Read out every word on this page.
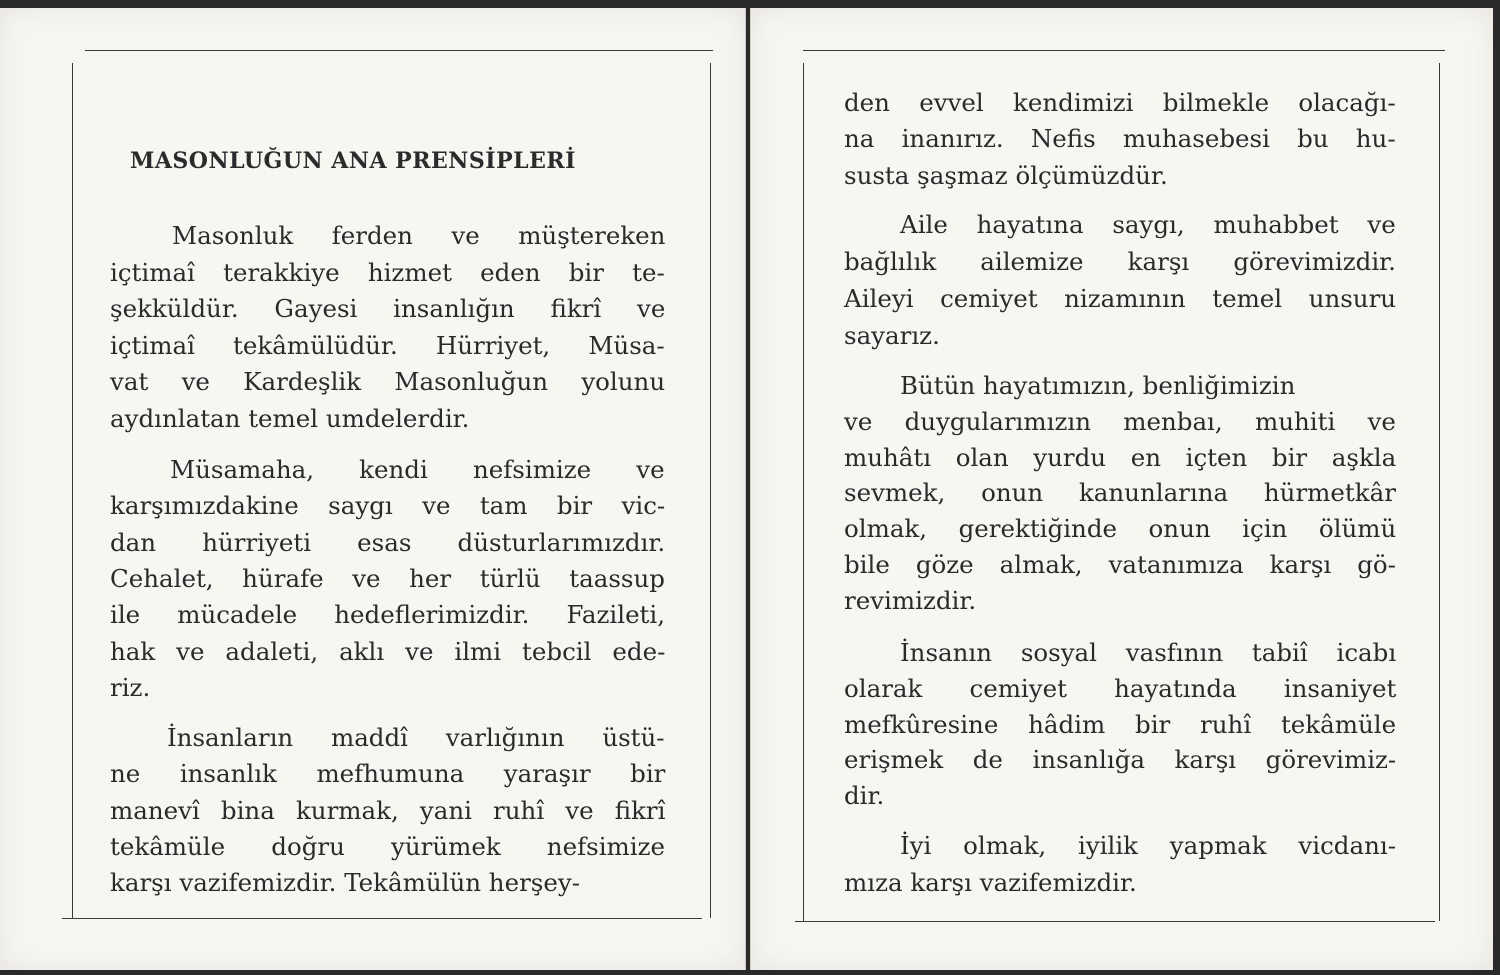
MASONLUĞUN ANA PRENSİPLERİ
Masonluk ferden ve müştereken
içtimaî terakkiye hizmet eden bir te-
şekküldür. Gayesi insanlığın fikrî ve
içtimaî tekâmülüdür. Hürriyet, Müsa-
vat ve Kardeşlik Masonluğun yolunu
aydınlatan temel umdelerdir.
Müsamaha, kendi nefsimize ve
karşımızdakine saygı ve tam bir vic-
dan hürriyeti esas düsturlarımızdır.
Cehalet, hürafe ve her türlü taassup
ile mücadele hedeflerimizdir. Fazileti,
hak ve adaleti, aklı ve ilmi tebcil ede-
riz.
İnsanların maddî varlığının üstü-
ne insanlık mefhumuna yaraşır bir
manevî bina kurmak, yani ruhî ve fikrî
tekâmüle doğru yürümek nefsimize
karşı vazifemizdir. Tekâmülün herşey-
den evvel kendimizi bilmekle olacağı-
na inanırız. Nefis muhasebesi bu hu-
susta şaşmaz ölçümüzdür.
Aile hayatına saygı, muhabbet ve
bağlılık ailemize karşı görevimizdir.
Aileyi cemiyet nizamının temel unsuru
sayarız.
Bütün hayatımızın, benliğimizin
ve duygularımızın menbaı, muhiti ve
muhâtı olan yurdu en içten bir aşkla
sevmek, onun kanunlarına hürmetkâr
olmak, gerektiğinde onun için ölümü
bile göze almak, vatanımıza karşı gö-
revimizdir.
İnsanın sosyal vasfının tabiî icabı
olarak cemiyet hayatında insaniyet
mefkûresine hâdim bir ruhî tekâmüle
erişmek de insanlığa karşı görevimiz-
dir.
İyi olmak, iyilik yapmak vicdanı-
mıza karşı vazifemizdir.
